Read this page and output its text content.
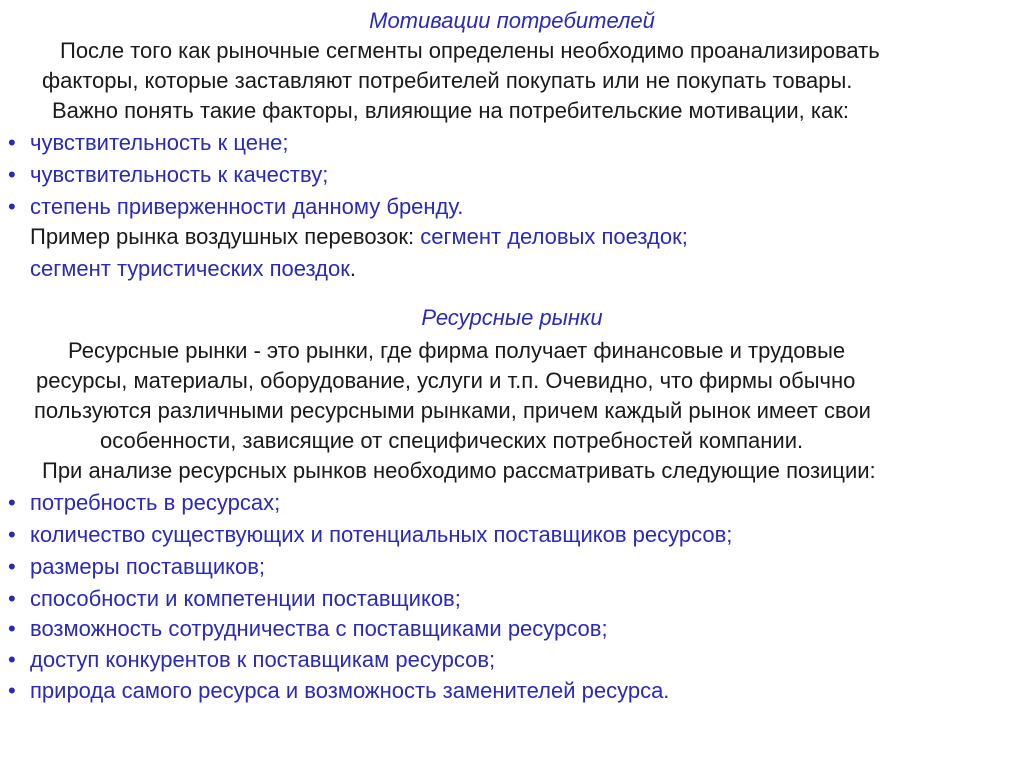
Мотивации потребителей
После того как рыночные сегменты определены необходимо проанализировать
факторы, которые заставляют потребителей покупать или не покупать товары.
Важно понять такие факторы, влияющие на потребительские мотивации, как:
• чувствительность к цене;
• чувствительность к качеству;
• степень приверженности данному бренду.
Пример рынка воздушных перевозок: сегмент деловых поездок;
сегмент туристических поездок.
Ресурсные рынки
Ресурсные рынки - это рынки, где фирма получает финансовые и трудовые
ресурсы, материалы, оборудование, услуги и т.п. Очевидно, что фирмы обычно
пользуются различными ресурсными рынками, причем каждый рынок имеет свои
особенности, зависящие от специфических потребностей компании.
При анализе ресурсных рынков необходимо рассматривать следующие позиции:
• потребность в ресурсах;
• количество существующих и потенциальных поставщиков ресурсов;
• размеры поставщиков;
• способности и компетенции поставщиков;
• возможность сотрудничества с поставщиками ресурсов;
• доступ конкурентов к поставщикам ресурсов;
• природа самого ресурса и возможность заменителей ресурса.
